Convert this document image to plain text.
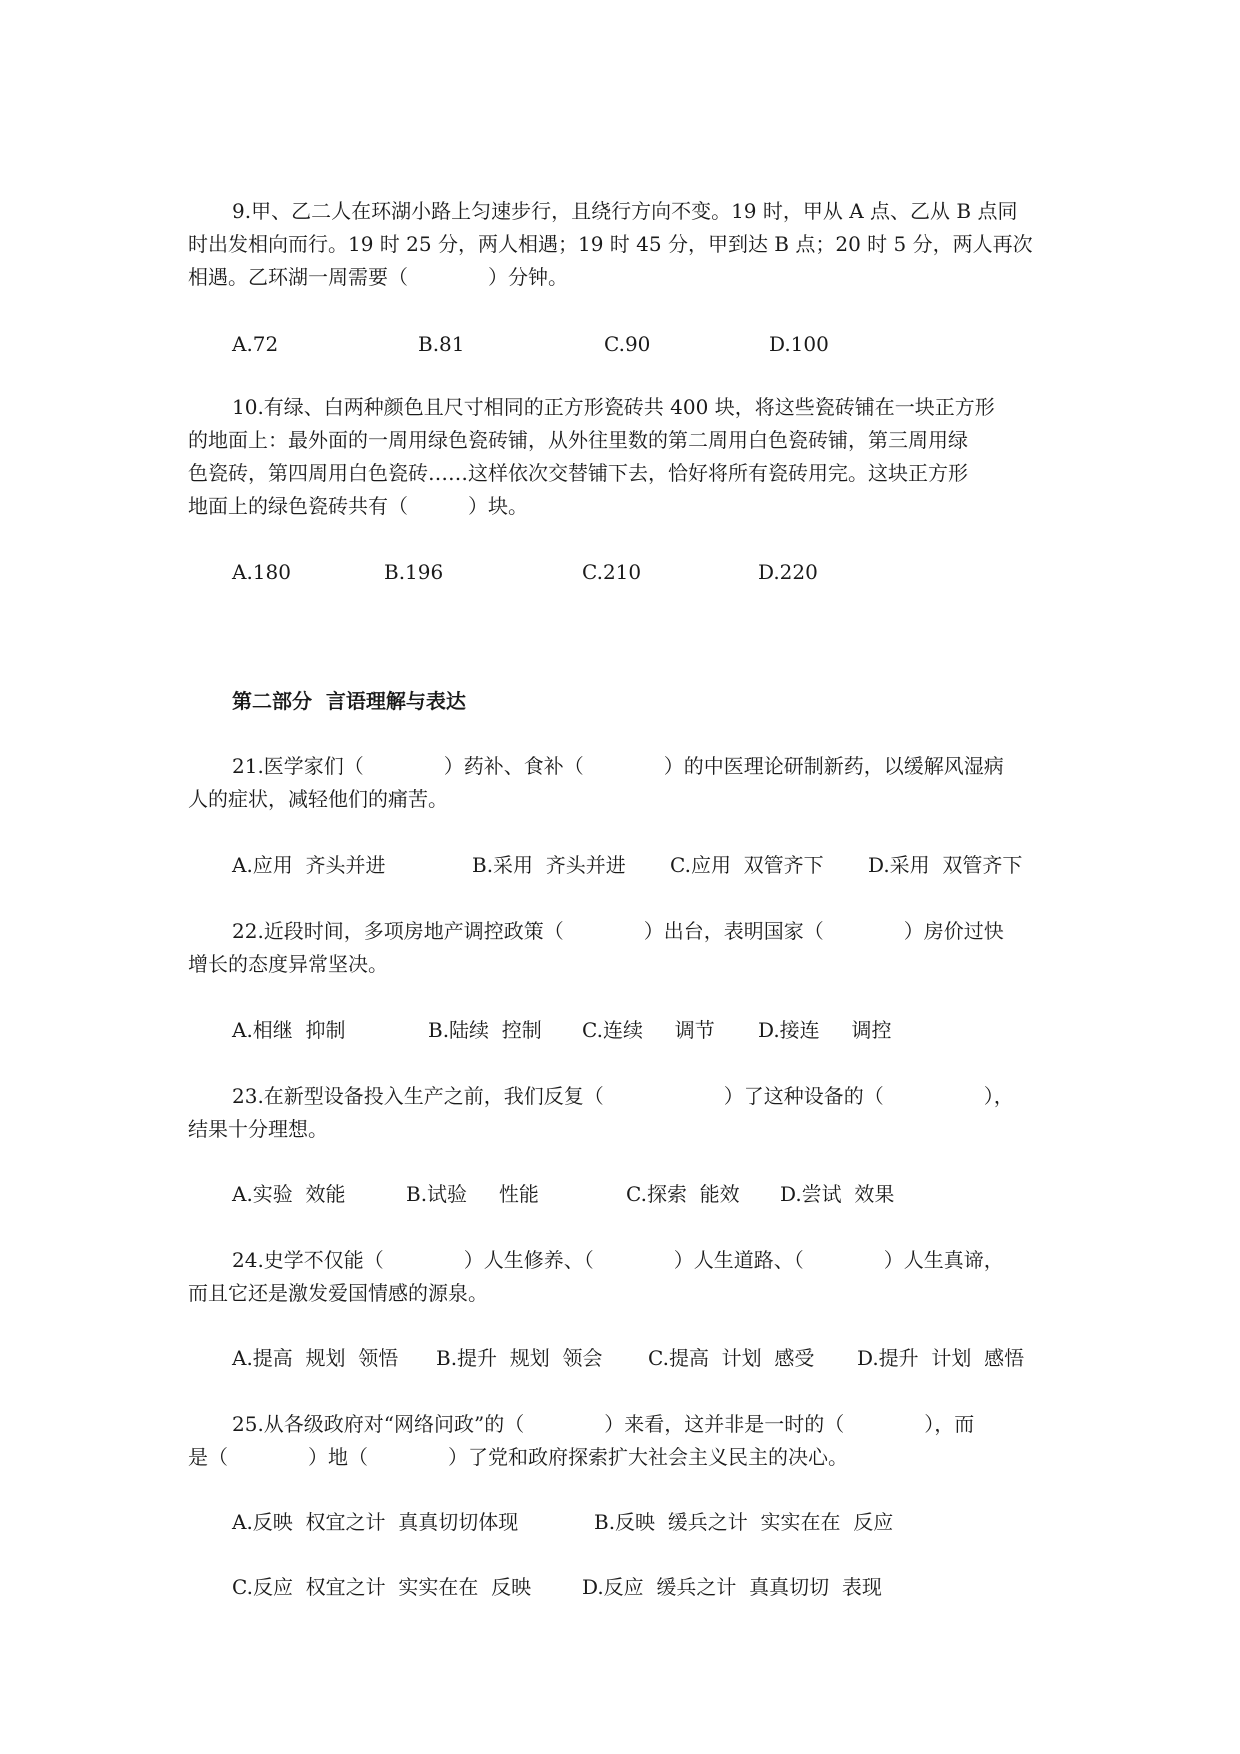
9.甲、乙二人在环湖小路上匀速步行，且绕行方向不变。19 时，甲从 A 点、乙从 B 点同
时出发相向而行。19 时 25 分，两人相遇；19 时 45 分，甲到达 B 点；20 时 5 分，两人再次
相遇。乙环湖一周需要（　　　　）分钟。
A.72	B.81	C.90	D.100
10.有绿、白两种颜色且尺寸相同的正方形瓷砖共 400 块，将这些瓷砖铺在一块正方形
的地面上：最外面的一周用绿色瓷砖铺，从外往里数的第二周用白色瓷砖铺，第三周用绿
色瓷砖，第四周用白色瓷砖……这样依次交替铺下去，恰好将所有瓷砖用完。这块正方形
地面上的绿色瓷砖共有（　　　）块。
A.180	B.196	C.210	D.220
第二部分  言语理解与表达
21.医学家们（　　　　）药补、食补（　　　　）的中医理论研制新药，以缓解风湿病
人的症状，减轻他们的痛苦。
A.应用  齐头并进	B.采用  齐头并进 C.应用  双管齐下 D.采用  双管齐下
22.近段时间，多项房地产调控政策（　　　　）出台，表明国家（　　　　）房价过快
增长的态度异常坚决。
A.相继  抑制	B.陆续  控制 C.连续     调节 D.接连     调控
23.在新型设备投入生产之前，我们反复（　　　　　　）了这种设备的（　　　　　），
结果十分理想。
A.实验  效能	B.试验     性能	C.探索  能效 D.尝试  效果
24.史学不仅能（　　　　）人生修养、（　　　　）人生道路、（　　　　）人生真谛，
而且它还是激发爱国情感的源泉。
A.提高  规划  领悟 B.提升  规划  领会 C.提高  计划  感受 D.提升  计划  感悟
25.从各级政府对“网络问政”的（　　　　）来看，这并非是一时的（　　　　），而
是（　　　　）地（　　　　）了党和政府探索扩大社会主义民主的决心。
A.反映  权宜之计  真真切切体现	B.反映  缓兵之计  实实在在  反应
C.反应  权宜之计  实实在在  反映	D.反应  缓兵之计  真真切切  表现
